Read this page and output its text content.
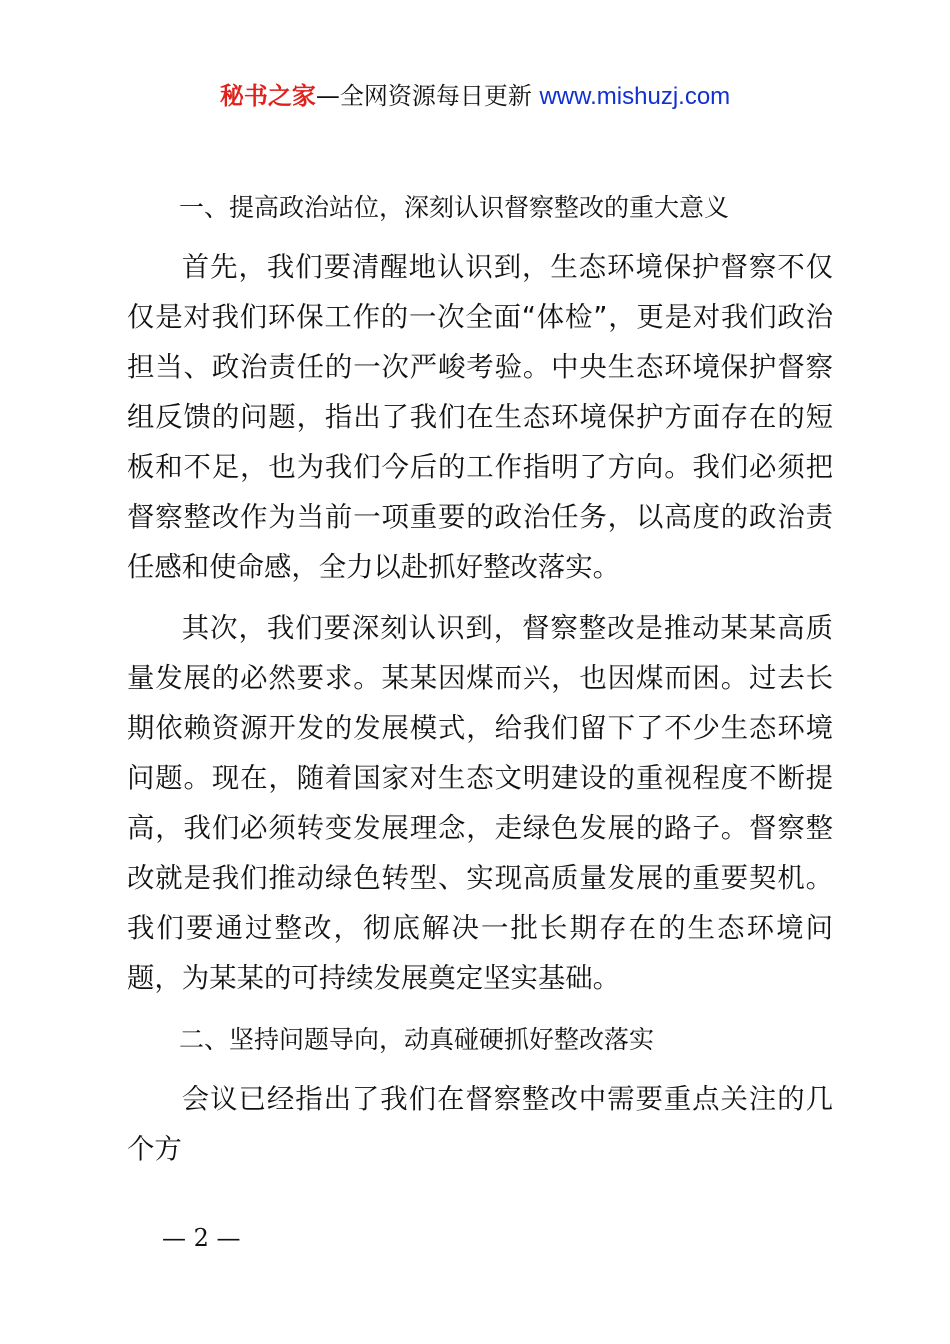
秘书之家—全网资源每日更新 www.mishuzj.com

一、提高政治站位，深刻认识督察整改的重大意义

首先，我们要清醒地认识到，生态环境保护督察不仅仅是对我们环保工作的一次全面“体检”，更是对我们政治担当、政治责任的一次严峻考验。中央生态环境保护督察组反馈的问题，指出了我们在生态环境保护方面存在的短板和不足，也为我们今后的工作指明了方向。我们必须把督察整改作为当前一项重要的政治任务，以高度的政治责任感和使命感，全力以赴抓好整改落实。

其次，我们要深刻认识到，督察整改是推动某某高质量发展的必然要求。某某因煤而兴，也因煤而困。过去长期依赖资源开发的发展模式，给我们留下了不少生态环境问题。现在，随着国家对生态文明建设的重视程度不断提高，我们必须转变发展理念，走绿色发展的路子。督察整改就是我们推动绿色转型、实现高质量发展的重要契机。我们要通过整改，彻底解决一批长期存在的生态环境问题，为某某的可持续发展奠定坚实基础。

二、坚持问题导向，动真碰硬抓好整改落实

会议已经指出了我们在督察整改中需要重点关注的几个方

— 2 —
